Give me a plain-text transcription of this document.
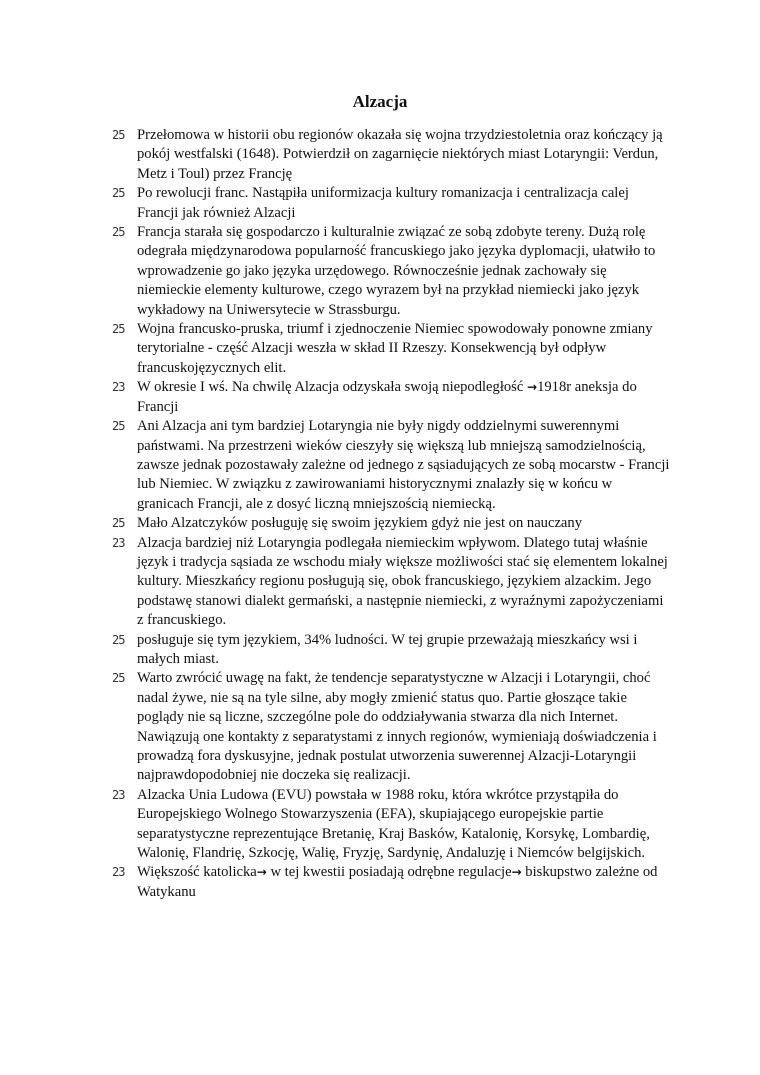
Alzacja
25 Przełomowa w historii obu regionów okazała się wojna trzydziestoletnia oraz kończący ją pokój westfalski (1648). Potwierdził on zagarnięcie niektórych miast Lotaryngii: Verdun, Metz i Toul) przez Francję
25 Po rewolucji franc. Nastąpiła uniformizacja kultury romanizacja i centralizacja calej Francji jak również Alzacji
25 Francja starała się gospodarczo i kulturalnie związać ze sobą zdobyte tereny. Dużą rolę odegrała międzynarodowa popularność francuskiego jako języka dyplomacji, ułatwiło to wprowadzenie go jako języka urzędowego. Równocześnie jednak zachowały się niemieckie elementy kulturowe, czego wyrazem był na przykład niemiecki jako język wykładowy na Uniwersytecie w Strassburgu.
25 Wojna francusko-pruska, triumf i zjednoczenie Niemiec spowodowały ponowne zmiany terytorialne - część Alzacji weszła w skład II Rzeszy. Konsekwencją był odpływ francuskojęzycznych elit.
23 W okresie I wś. Na chwilę Alzacja odzyskała swoją niepodległość →1918r aneksja do Francji
25 Ani Alzacja ani tym bardziej Lotaryngia nie były nigdy oddzielnymi suwerennymi państwami. Na przestrzeni wieków cieszyły się większą lub mniejszą samodzielnością, zawsze jednak pozostawały zależne od jednego z sąsiadujących ze sobą mocarstw - Francji lub Niemiec. W związku z zawirowaniami historycznymi znalazły się w końcu w granicach Francji, ale z dosyć liczną mniejszością niemiecką.
25 Mało Alzatczyków posługuję się swoim językiem gdyż nie jest on nauczany
23 Alzacja bardziej niż Lotaryngia podlegała niemieckim wpływom. Dlatego tutaj właśnie język i tradycja sąsiada ze wschodu miały większe możliwości stać się elementem lokalnej kultury. Mieszkańcy regionu posługują się, obok francuskiego, językiem alzackim. Jego podstawę stanowi dialekt germański, a następnie niemiecki, z wyraźnymi zapożyczeniami z francuskiego.
25 posługuje się tym językiem, 34% ludności. W tej grupie przeważają mieszkańcy wsi i małych miast.
25 Warto zwrócić uwagę na fakt, że tendencje separatystyczne w Alzacji i Lotaryngii, choć nadal żywe, nie są na tyle silne, aby mogły zmienić status quo. Partie głoszące takie poglądy nie są liczne, szczególne pole do oddziaływania stwarza dla nich Internet. Nawiązują one kontakty z separatystami z innych regionów, wymieniają doświadczenia i prowadzą fora dyskusyjne, jednak postulat utworzenia suwerennej Alzacji-Lotaryngii najprawdopodobniej nie doczeka się realizacji.
23 Alzacka Unia Ludowa (EVU) powstała w 1988 roku, która wkrótce przystąpiła do Europejskiego Wolnego Stowarzyszenia (EFA), skupiającego europejskie partie separatystyczne reprezentujące Bretanię, Kraj Basków, Katalonię, Korsykę, Lombardię, Walonię, Flandrię, Szkocję, Walię, Fryzję, Sardynię, Andaluzję i Niemców belgijskich.
23 Większość katolicka→ w tej kwestii posiadają odrębne regulacje→ biskupstwo zależne od Watykanu
